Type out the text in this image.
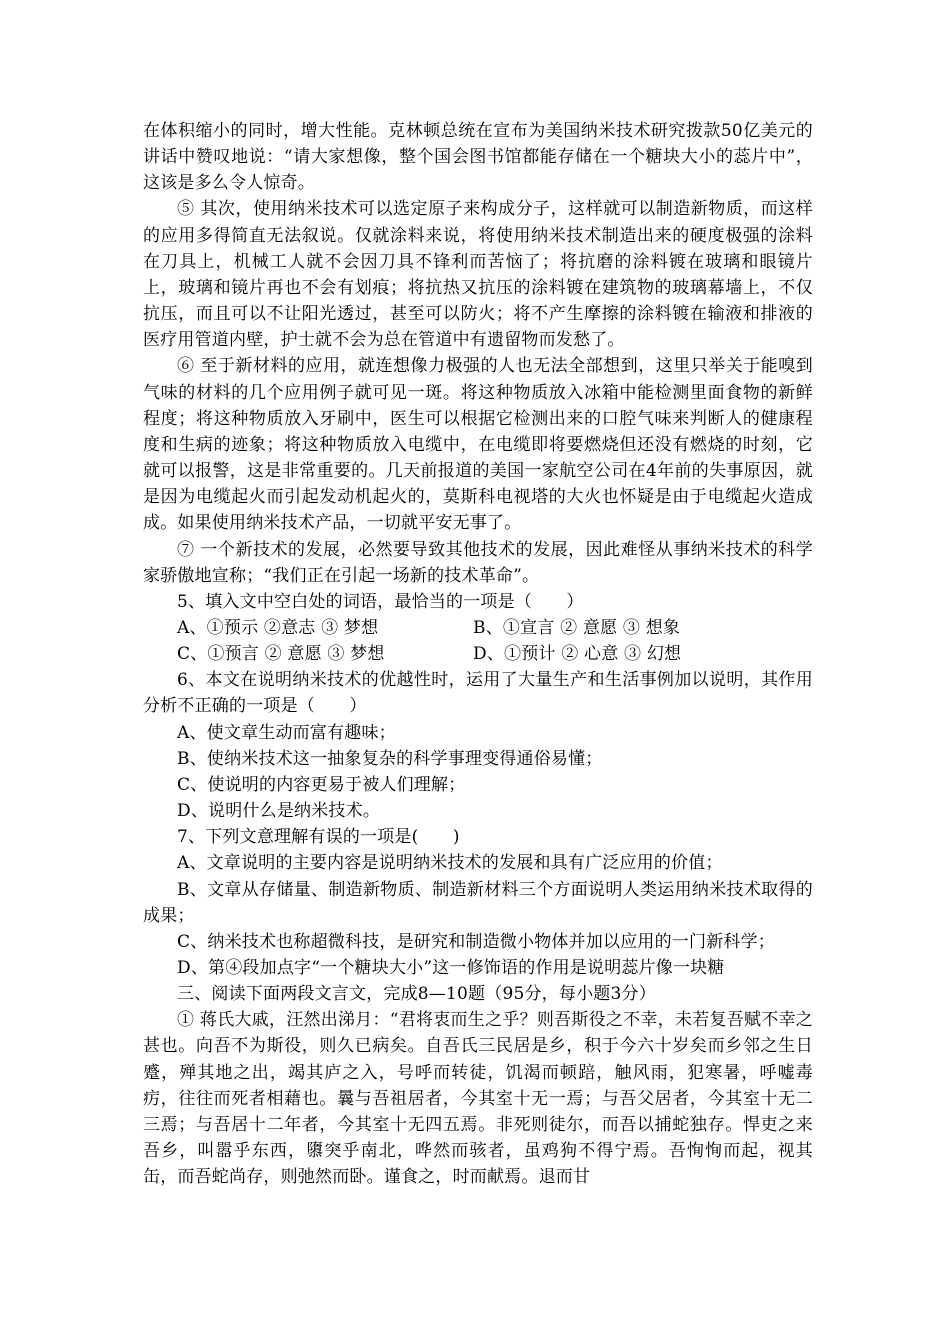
在体积缩小的同时，增大性能。克林顿总统在宣布为美国纳米技术研究拨款50亿美元的讲话中赞叹地说：“请大家想像，整个国会图书馆都能存储在一个糖块大小的蕊片中”，这该是多么令人惊奇。

⑤ 其次，使用纳米技术可以选定原子来构成分子，这样就可以制造新物质，而这样的应用多得简直无法叙说。仅就涂料来说，将使用纳米技术制造出来的硬度极强的涂料在刀具上，机械工人就不会因刀具不锋利而苦恼了；将抗磨的涂料镀在玻璃和眼镜片上，玻璃和镜片再也不会有划痕；将抗热又抗压的涂料镀在建筑物的玻璃幕墙上，不仅抗压，而且可以不让阳光透过，甚至可以防火；将不产生摩擦的涂料镀在输液和排液的医疗用管道内壁，护士就不会为总在管道中有遗留物而发愁了。

⑥ 至于新材料的应用，就连想像力极强的人也无法全部想到，这里只举关于能嗅到气味的材料的几个应用例子就可见一斑。将这种物质放入冰箱中能检测里面食物的新鲜程度；将这种物质放入牙刷中，医生可以根据它检测出来的口腔气味来判断人的健康程度和生病的迹象；将这种物质放入电缆中，在电缆即将要燃烧但还没有燃烧的时刻，它就可以报警，这是非常重要的。几天前报道的美国一家航空公司在4年前的失事原因，就是因为电缆起火而引起发动机起火的，莫斯科电视塔的大火也怀疑是由于电缆起火造成成。如果使用纳米技术产品，一切就平安无事了。

⑦ 一个新技术的发展，必然要导致其他技术的发展，因此难怪从事纳米技术的科学家骄傲地宣称；“我们正在引起一场新的技术革命”。

5、填入文中空白处的词语，最恰当的一项是（　　）

A、①预示 ②意志 ③ 梦想	B、①宣言 ② 意愿 ③ 想象
C、①预言 ② 意愿 ③ 梦想	D、①预计 ② 心意 ③ 幻想

6、本文在说明纳米技术的优越性时，运用了大量生产和生活事例加以说明，其作用分析不正确的一项是（　　）

A、使文章生动而富有趣味；

B、使纳米技术这一抽象复杂的科学事理变得通俗易懂；

C、使说明的内容更易于被人们理解；

D、说明什么是纳米技术。

7、下列文意理解有误的一项是(　　)

A、文章说明的主要内容是说明纳米技术的发展和具有广泛应用的价值；

B、文章从存储量、制造新物质、制造新材料三个方面说明人类运用纳米技术取得的成果；

C、纳米技术也称超微科技，是研究和制造微小物体并加以应用的一门新科学；

D、第④段加点字“一个糖块大小”这一修饰语的作用是说明蕊片像一块糖

三、阅读下面两段文言文，完成8—10题（95分，每小题3分）

① 蒋氏大戚，汪然出涕月：“君将衷而生之乎？则吾斯役之不幸，未若复吾赋不幸之甚也。向吾不为斯役，则久已病矣。自吾氏三民居是乡，积于今六十岁矣而乡邻之生日蹙，殚其地之出，竭其庐之入，号呼而转徒，饥渴而顿踣，触风雨，犯寒暑，呼嘘毒疠，往往而死者相藉也。曩与吾祖居者，今其室十无一焉；与吾父居者，今其室十无二三焉；与吾居十二年者，今其室十无四五焉。非死则徒尔，而吾以捕蛇独存。悍吏之来吾乡，叫嚣乎东西，隳突乎南北，哗然而骇者，虽鸡狗不得宁焉。吾恂恂而起，视其缶，而吾蛇尚存，则弛然而卧。谨食之，时而献焉。退而甘
